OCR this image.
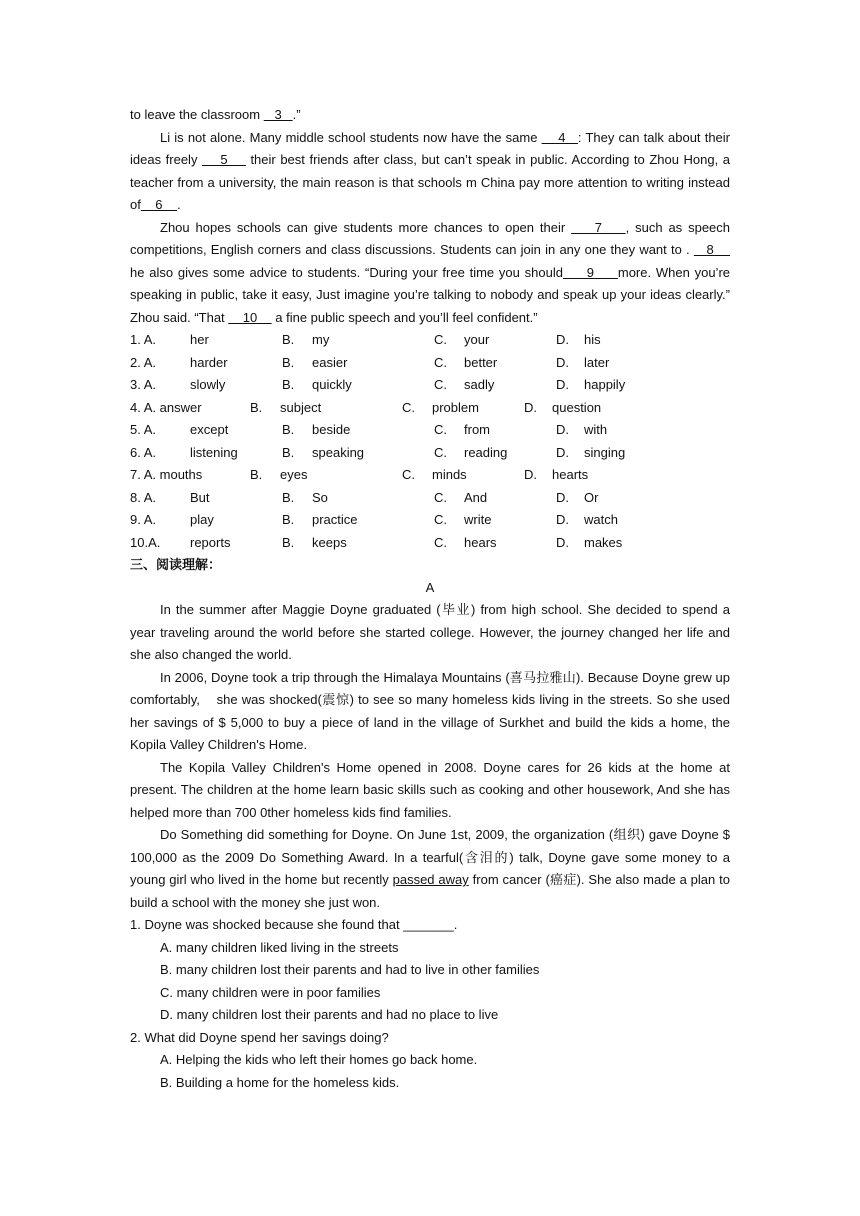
to leave the classroom    3   .”

Li is not alone. Many middle school students now have the same     4   : They can talk about their ideas freely     5     their best friends after class, but can’t speak in public. According to Zhou Hong, a teacher from a university, the main reason is that schools m China pay more attention to writing instead of    6    .

Zhou hopes schools can give students more chances to open their     7    , such as speech competitions, English corners and class discussions. Students can join in any one they want to .    8     he also gives some advice to students. “During your free time you should     9     more. When you’re speaking in public, take it easy, Just imagine you’re talking to nobody and speak up your ideas clearly.” Zhou said. “That     10     a fine public speech and you’ll feel confident.”

1. A.	her	B.	my	C.	your	D.	his
2. A.	harder	B.	easier	C.	better	D.	later
3. A.	slowly	B.	quickly	C.	sadly	D.	happily
4. A. answer	B.	subject	C.	problem	D.	question
5. A.	except	B.	beside	C.	from	D.	with
6. A.	listening	B.	speaking	C.	reading	D.	singing
7. A. mouths	B.	eyes	C.	minds	D.	hearts
8. A.	But	B.	So	C.	And	D.	Or
9. A.	play	B.	practice	C.	write	D.	watch
10.A.	reports	B.	keeps	C.	hears	D.	makes

三、阅读理解：

A

In the summer after Maggie Doyne graduated (毕业) from high school. She decided to spend a year traveling around the world before she started college. However, the journey changed her life and she also changed the world.

In 2006, Doyne took a trip through the Himalaya Mountains (喜马拉雅山). Because Doyne grew up comfortably,    she was shocked(震惊) to see so many homeless kids living in the streets. So she used her savings of $ 5,000 to buy a piece of land in the village of Surkhet and build the kids a home, the Kopila Valley Children's Home.

The Kopila Valley Children's Home opened in 2008. Doyne cares for 26 kids at the home at present. The children at the home learn basic skills such as cooking and other housework, And she has helped more than 700 0ther homeless kids find families.

Do Something did something for Doyne. On June 1st, 2009, the organization (组织) gave Doyne $ 100,000 as the 2009 Do Something Award. In a tearful(含泪的) talk, Doyne gave some money to a young girl who lived in the home but recently passed away from cancer (癌症). She also made a plan to build a school with the money she just won.

1. Doyne was shocked because she found that _______.

A. many children liked living in the streets

B. many children lost their parents and had to live in other families

C. many children were in poor families

D. many children lost their parents and had no place to live

2. What did Doyne spend her savings doing?

A. Helping the kids who left their homes go back home.

B. Building a home for the homeless kids.
